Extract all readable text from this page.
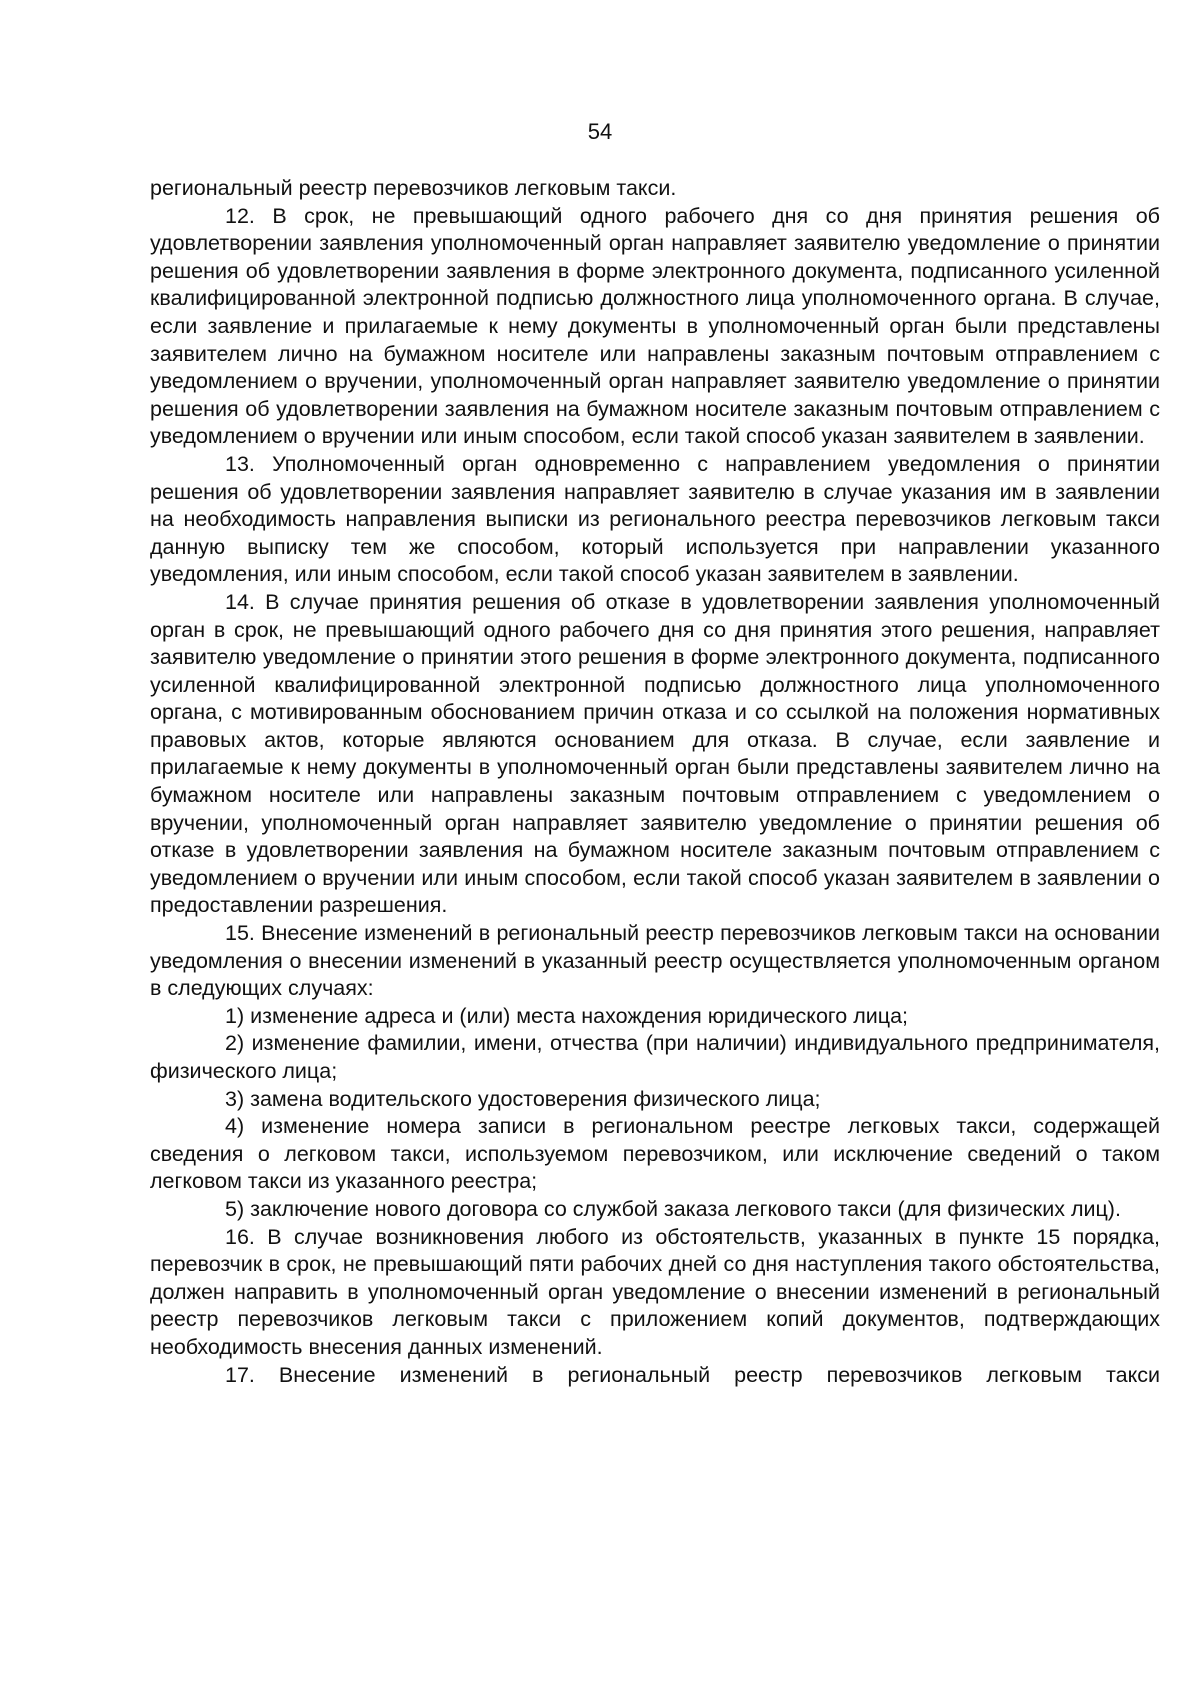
54

региональный реестр перевозчиков легковым такси.

12. В срок, не превышающий одного рабочего дня со дня принятия решения об удовлетворении заявления уполномоченный орган направляет заявителю уведомление о принятии решения об удовлетворении заявления в форме электронного документа, подписанного усиленной квалифицированной электронной подписью должностного лица уполномоченного органа. В случае, если заявление и прилагаемые к нему документы в уполномоченный орган были представлены заявителем лично на бумажном носителе или направлены заказным почтовым отправлением с уведомлением о вручении, уполномоченный орган направляет заявителю уведомление о принятии решения об удовлетворении заявления на бумажном носителе заказным почтовым отправлением с уведомлением о вручении или иным способом, если такой способ указан заявителем в заявлении.

13. Уполномоченный орган одновременно с направлением уведомления о принятии решения об удовлетворении заявления направляет заявителю в случае указания им в заявлении на необходимость направления выписки из регионального реестра перевозчиков легковым такси данную выписку тем же способом, который используется при направлении указанного уведомления, или иным способом, если такой способ указан заявителем в заявлении.

14. В случае принятия решения об отказе в удовлетворении заявления уполномоченный орган в срок, не превышающий одного рабочего дня со дня принятия этого решения, направляет заявителю уведомление о принятии этого решения в форме электронного документа, подписанного усиленной квалифицированной электронной подписью должностного лица уполномоченного органа, с мотивированным обоснованием причин отказа и со ссылкой на положения нормативных правовых актов, которые являются основанием для отказа. В случае, если заявление и прилагаемые к нему документы в уполномоченный орган были представлены заявителем лично на бумажном носителе или направлены заказным почтовым отправлением с уведомлением о вручении, уполномоченный орган направляет заявителю уведомление о принятии решения об отказе в удовлетворении заявления на бумажном носителе заказным почтовым отправлением с уведомлением о вручении или иным способом, если такой способ указан заявителем в заявлении о предоставлении разрешения.

15. Внесение изменений в региональный реестр перевозчиков легковым такси на основании уведомления о внесении изменений в указанный реестр осуществляется уполномоченным органом в следующих случаях:

1) изменение адреса и (или) места нахождения юридического лица;

2) изменение фамилии, имени, отчества (при наличии) индивидуального предпринимателя, физического лица;

3) замена водительского удостоверения физического лица;

4) изменение номера записи в региональном реестре легковых такси, содержащей сведения о легковом такси, используемом перевозчиком, или исключение сведений о таком легковом такси из указанного реестра;

5) заключение нового договора со службой заказа легкового такси (для физических лиц).

16. В случае возникновения любого из обстоятельств, указанных в пункте 15 порядка, перевозчик в срок, не превышающий пяти рабочих дней со дня наступления такого обстоятельства, должен направить в уполномоченный орган уведомление о внесении изменений в региональный реестр перевозчиков легковым такси с приложением копий документов, подтверждающих необходимость внесения данных изменений.

17. Внесение изменений в региональный реестр перевозчиков легковым такси
